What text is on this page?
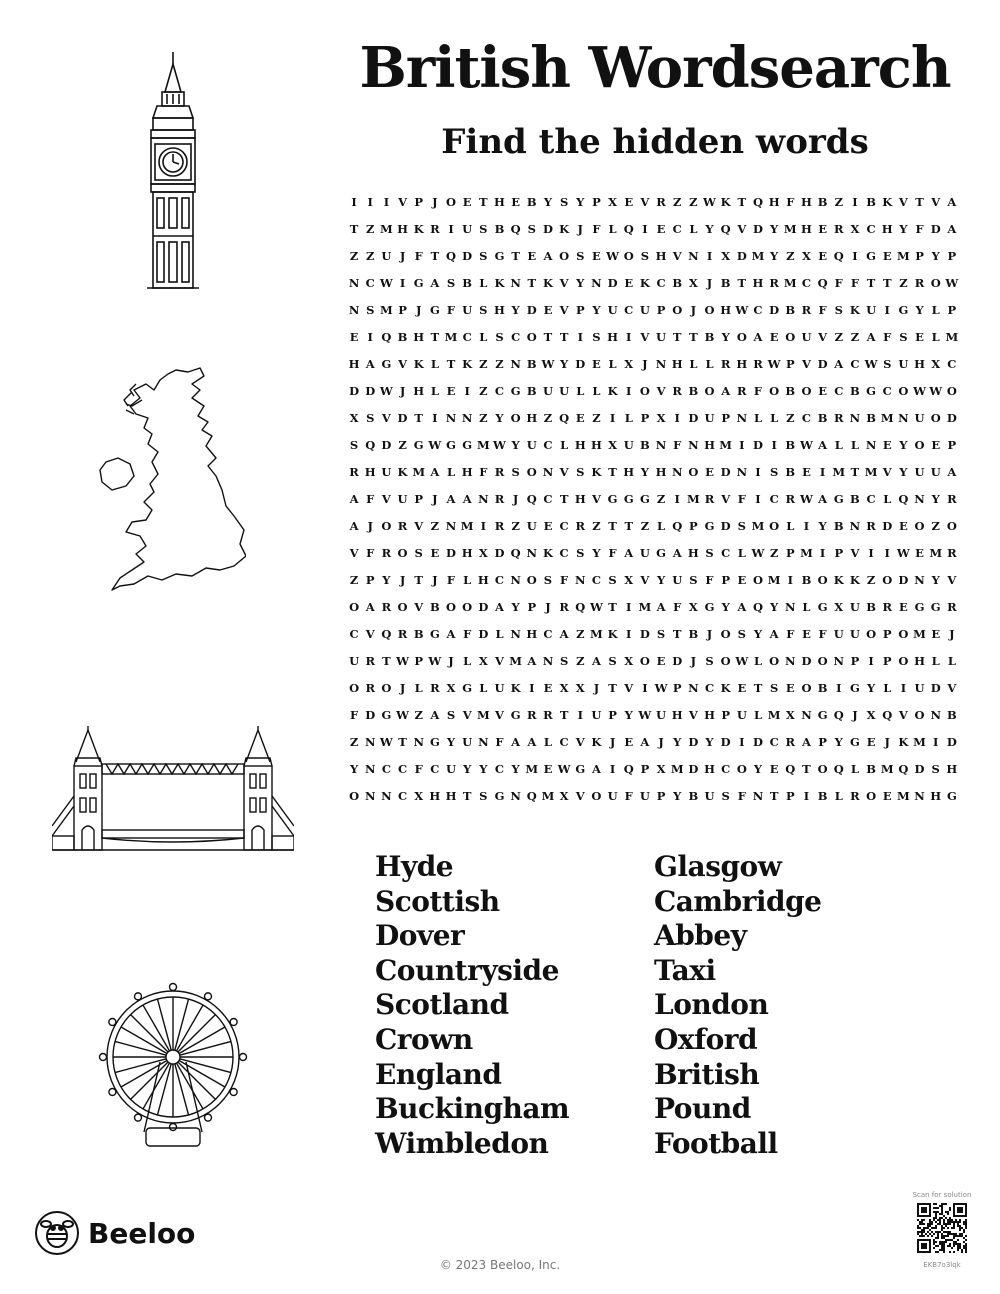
British Wordsearch
Find the hidden words
I I I V P J O E T H E B Y S Y P X E V R Z Z W K T Q H F H B Z I B K V T V A
T Z M H K R I U S B Q S D K J F L Q I E C L Y Q V D Y M H E R X C H Y F D A
Z Z U J F T Q D S G T E A O S E W O S H V N I X D M Y Z X E Q I G E M P Y P
N C W I G A S B L K N T K V Y N D E K C B X J B T H R M C Q F F T T Z R O W
N S M P J G F U S H Y D E V P Y U C U P O J O H W C D B R F S K U I G Y L P
E I Q B H T M C L S C O T T I S H I V U T T B Y O A E O U V Z Z A F S E L M
H A G V K L T K Z Z N B W Y D E L X J N H L L R H R W P V D A C W S U H X C
D D W J H L E I Z C G B U U L L K I O V R B O A R F O B O E C B G C O W W O
X S V D T I N N Z Y O H Z Q E Z I L P X I D U P N L L Z C B R N B M N U O D
S Q D Z G W G G M W Y U C L H H X U B N F N H M I D I B W A L L N E Y O E P
R H U K M A L H F R S O N V S K T H Y H N O E D N I S B E I M T M V Y U U A
A F V U P J A A N R J Q C T H V G G G Z I M R V F I C R W A G B C L Q N Y R
A J O R V Z N M I R Z U E C R Z T T Z L Q P G D S M O L I Y B N R D E O Z O
V F R O S E D H X D Q N K C S Y F A U G A H S C L W Z P M I P V I I W E M R
Z P Y J T J F L H C N O S F N C S X V Y U S F P E O M I B O K K Z O D N Y V
O A R O V B O O D A Y P J R Q W T I M A F X G Y A Q Y N L G X U B R E G G R
C V Q R B G A F D L N H C A Z M K I D S T B J O S Y A F E F U U O P O M E J
U R T W P W J L X V M A N S Z A S X O E D J S O W L O N D O N P I P O H L L
O R O J L R X G L U K I E X X J T V I W P N C K E T S E O B I G Y L I U D V
F D G W Z A S V M V G R R T I U P Y W U H V H P U L M X N G Q J X Q V O N B
Z N W T N G Y U N F A A L C V K J E A J Y D Y D I D C R A P Y G E J K M I D
Y N C C F C U Y Y C Y M E W G A I Q P X M D H C O Y E Q T O Q L B M Q D S H
O N N C X H H T S G N Q M X V O U F U P Y B U S F N T P I B L R O E M N H G
Hyde
Scottish
Dover
Countryside
Scotland
Crown
England
Buckingham
Wimbledon
Glasgow
Cambridge
Abbey
Taxi
London
Oxford
British
Pound
Football
Beeloo
© 2023 Beeloo, Inc.
Scan for solution
EKB7o3lqk
